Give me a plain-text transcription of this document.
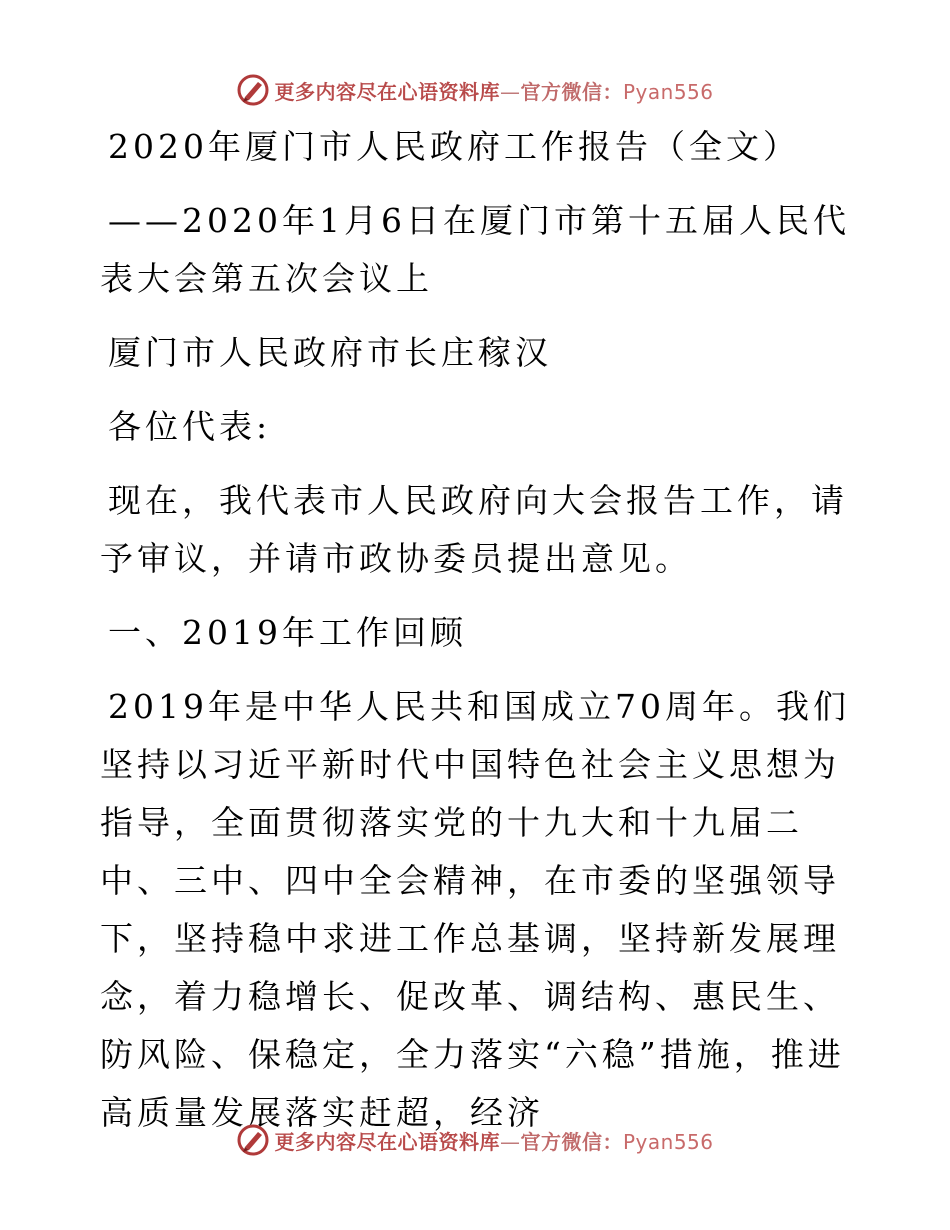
更多内容尽在心语资料库—官方微信：Pyan556

2020年厦门市人民政府工作报告（全文）

——2020年1月6日在厦门市第十五届人民代表大会第五次会议上

厦门市人民政府市长庄稼汉

各位代表:

现在，我代表市人民政府向大会报告工作，请予审议，并请市政协委员提出意见。

一、2019年工作回顾

2019年是中华人民共和国成立70周年。我们坚持以习近平新时代中国特色社会主义思想为指导，全面贯彻落实党的十九大和十九届二中、三中、四中全会精神，在市委的坚强领导下，坚持稳中求进工作总基调，坚持新发展理念，着力稳增长、促改革、调结构、惠民生、防风险、保稳定，全力落实“六稳”措施，推进高质量发展落实赶超，经济

更多内容尽在心语资料库—官方微信：Pyan556
